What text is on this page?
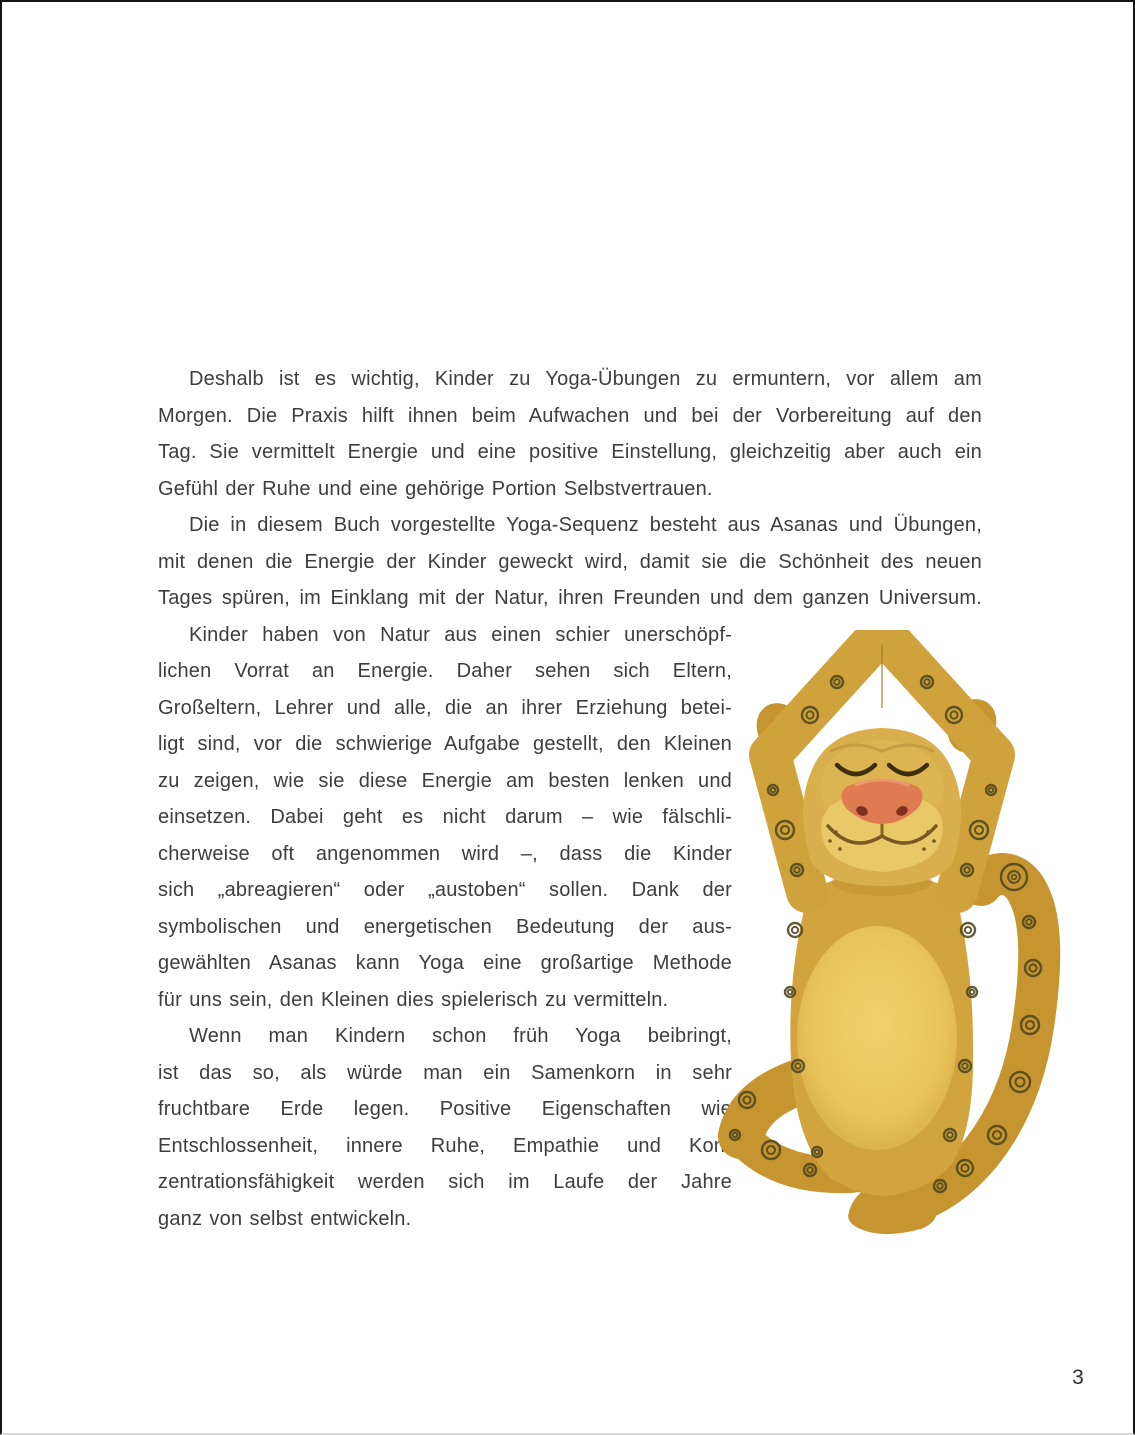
Deshalb ist es wichtig, Kinder zu Yoga-Übungen zu ermuntern, vor allem am
Morgen. Die Praxis hilft ihnen beim Aufwachen und bei der Vorbereitung auf den
Tag. Sie vermittelt Energie und eine positive Einstellung, gleichzeitig aber auch ein
Gefühl der Ruhe und eine gehörige Portion Selbstvertrauen.
Die in diesem Buch vorgestellte Yoga-Sequenz besteht aus Asanas und Übungen,
mit denen die Energie der Kinder geweckt wird, damit sie die Schönheit des neuen
Tages spüren, im Einklang mit der Natur, ihren Freunden und dem ganzen Universum.
Kinder haben von Natur aus einen schier unerschöpf-
lichen Vorrat an Energie. Daher sehen sich Eltern,
Großeltern, Lehrer und alle, die an ihrer Erziehung betei-
ligt sind, vor die schwierige Aufgabe gestellt, den Kleinen
zu zeigen, wie sie diese Energie am besten lenken und
einsetzen. Dabei geht es nicht darum – wie fälschli-
cherweise oft angenommen wird –, dass die Kinder
sich „abreagieren“ oder „austoben“ sollen. Dank der
symbolischen und energetischen Bedeutung der aus-
gewählten Asanas kann Yoga eine großartige Methode
für uns sein, den Kleinen dies spielerisch zu vermitteln.
Wenn man Kindern schon früh Yoga beibringt,
ist das so, als würde man ein Samenkorn in sehr
fruchtbare Erde legen. Positive Eigenschaften wie
Entschlossenheit, innere Ruhe, Empathie und Kon-
zentrationsfähigkeit werden sich im Laufe der Jahre
ganz von selbst entwickeln.
3
